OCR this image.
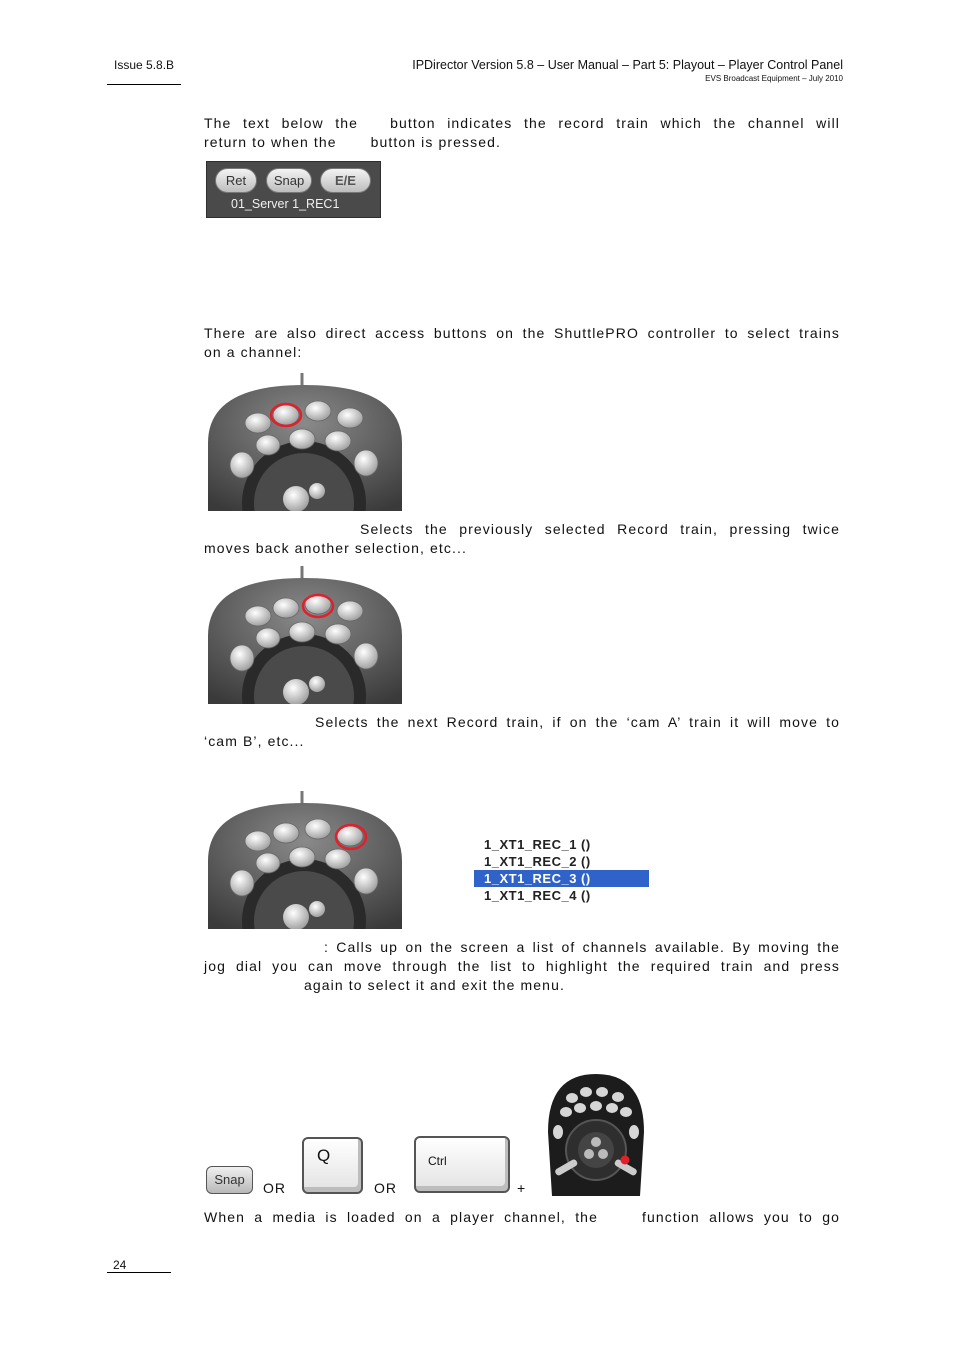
Issue 5.8.B	IPDirector Version 5.8 – User Manual – Part 5: Playout – Player Control Panel
EVS Broadcast Equipment – July 2010
The text below the button indicates the record train which the channel will
return to when the button is pressed.
Ret	Snap	E/E
01_Server 1_REC1
There are also direct access buttons on the ShuttlePRO controller to select trains
on a channel:
Selects the previously selected Record train, pressing twice
moves back another selection, etc...
Selects the next Record train, if on the ‘cam A’ train it will move to
‘cam B’, etc...
1_XT1_REC_1 ()
1_XT1_REC_2 ()
1_XT1_REC_3 ()
1_XT1_REC_4 ()
: Calls up on the screen a list of channels available. By moving the
jog dial you can move through the list to highlight the required train and press
again to select it and exit the menu.
Snap
OR
Q
OR
Ctrl
+
When a media is loaded on a player channel, the	function allows you to go
24
